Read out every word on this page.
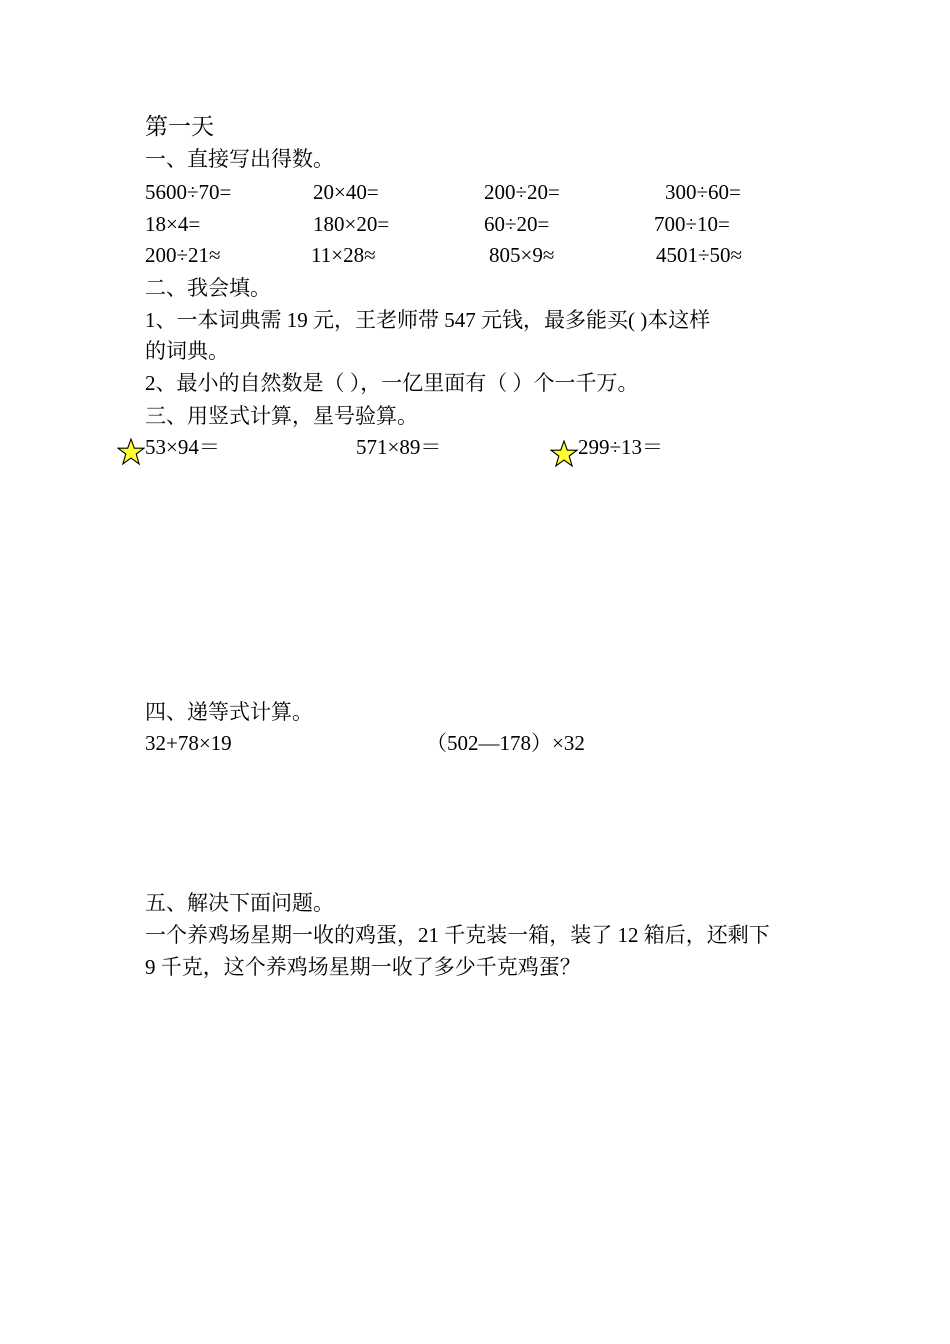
第一天
一、直接写出得数。
5600÷70=	20×40=	200÷20=	300÷60=
18×4=	180×20=	60÷20=	700÷10=
200÷21≈	11×28≈	805×9≈	4501÷50≈
二、我会填。
1、一本词典需 19 元，王老师带 547 元钱，最多能买( )本这样
的词典。
2、最小的自然数是（ ），一亿里面有（ ）个一千万。
三、用竖式计算，星号验算。
53×94＝	571×89＝	299÷13＝
四、递等式计算。
32+78×19	（502—178）×32
五、解决下面问题。
一个养鸡场星期一收的鸡蛋，21 千克装一箱，装了 12 箱后，还剩下
9 千克，这个养鸡场星期一收了多少千克鸡蛋？
